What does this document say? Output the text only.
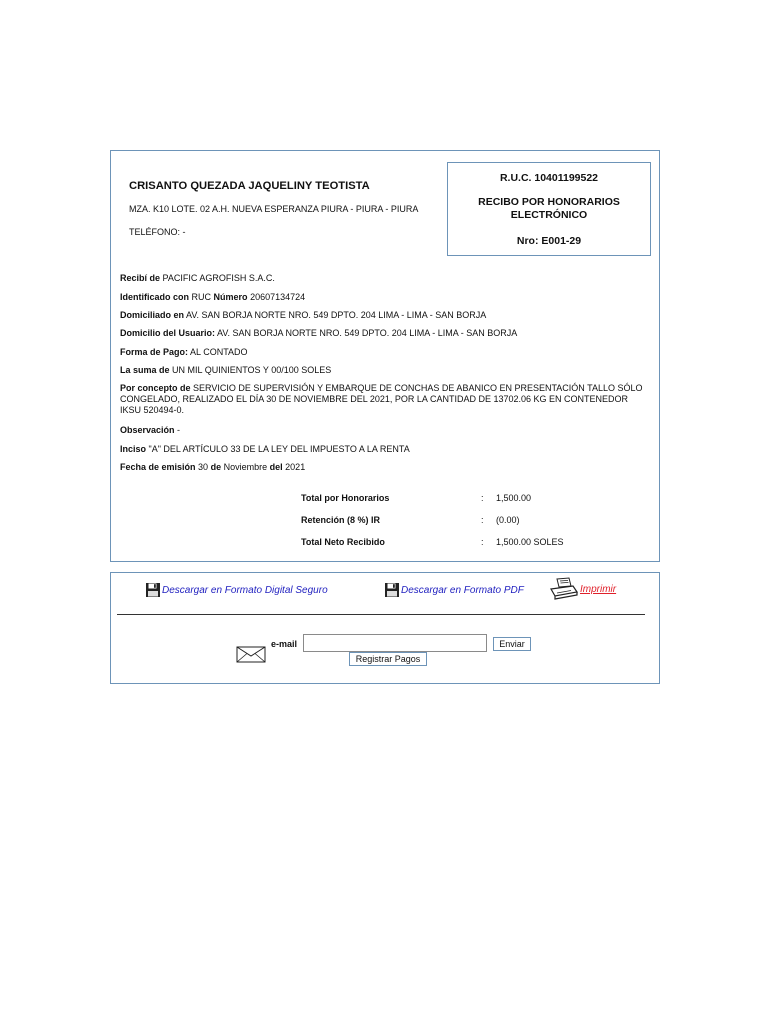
CRISANTO QUEZADA JAQUELINY TEOTISTA
MZA. K10 LOTE. 02 A.H. NUEVA ESPERANZA PIURA - PIURA - PIURA
TELÉFONO: -
R.U.C. 10401199522
RECIBO POR HONORARIOS ELECTRÓNICO
Nro: E001-29
Recibí de PACIFIC AGROFISH S.A.C.
Identificado con RUC Número 20607134724
Domiciliado en AV. SAN BORJA NORTE NRO. 549 DPTO. 204 LIMA - LIMA - SAN BORJA
Domicilio del Usuario: AV. SAN BORJA NORTE NRO. 549 DPTO. 204 LIMA - LIMA - SAN BORJA
Forma de Pago: AL CONTADO
La suma de UN MIL QUINIENTOS Y 00/100 SOLES
Por concepto de SERVICIO DE SUPERVISIÓN Y EMBARQUE DE CONCHAS DE ABANICO EN PRESENTACIÓN TALLO SÓLO CONGELADO, REALIZADO EL DÍA 30 DE NOVIEMBRE DEL 2021, POR LA CANTIDAD DE 13702.06 KG EN CONTENEDOR IKSU 520494-0.
Observación -
Inciso "A" DEL ARTÍCULO 33 DE LA LEY DEL IMPUESTO A LA RENTA
Fecha de emisión 30 de Noviembre del 2021
Total por Honorarios	: 1,500.00
Retención (8 %) IR	: (0.00)
Total Neto Recibido	: 1,500.00 SOLES
Descargar en Formato Digital Seguro	Descargar en Formato PDF	Imprimir
e-mail	Enviar
Registrar Pagos
